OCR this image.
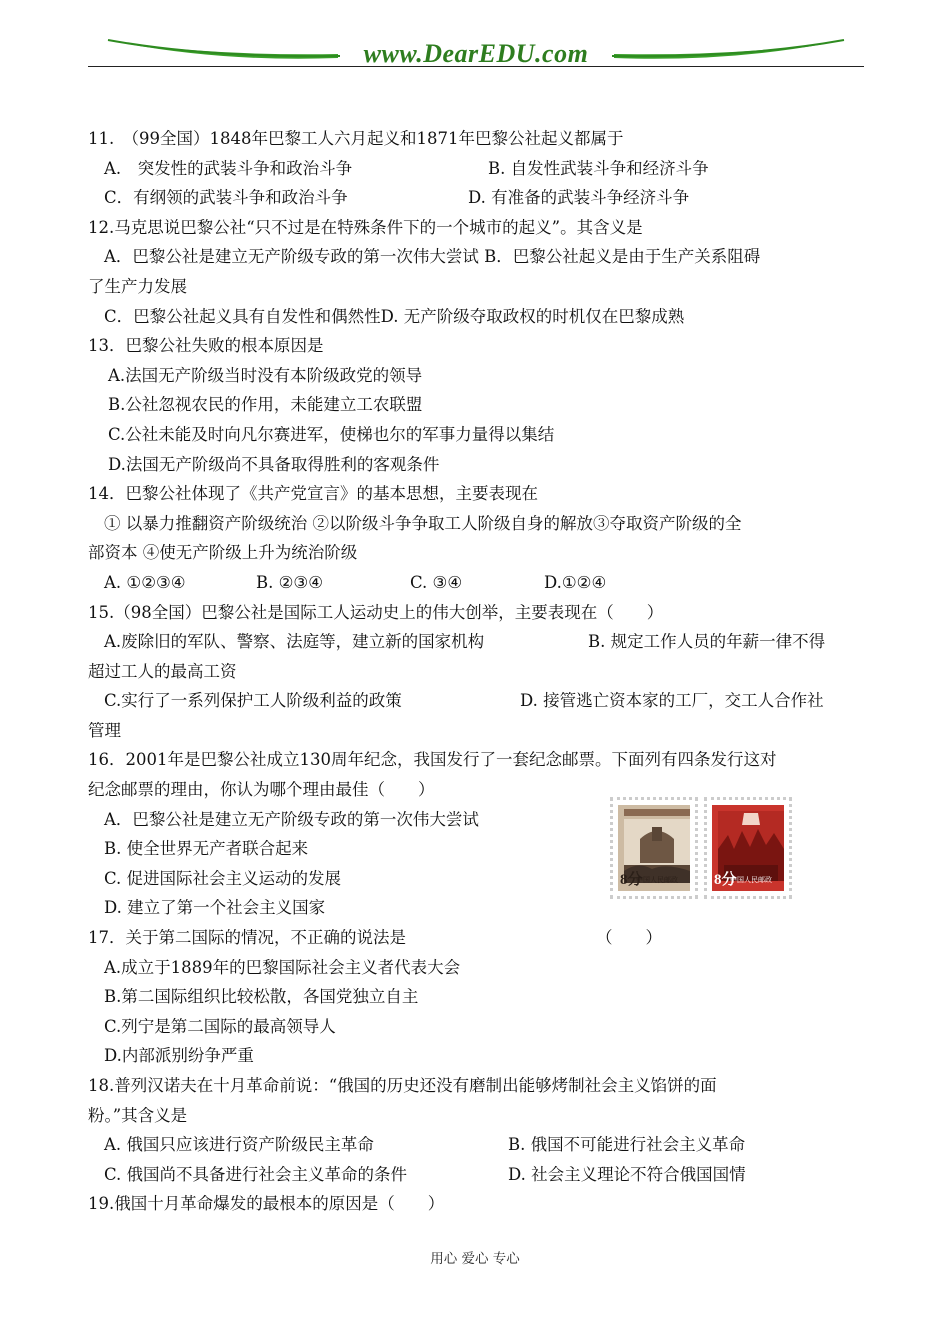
www.DearEDU.com
11.　（99全国）1848年巴黎工人六月起义和1871年巴黎公社起义都属于
A.　突发性的武装斗争和政治斗争	B. 自发性武装斗争和经济斗争
C．有纲领的武装斗争和政治斗争	D. 有准备的武装斗争经济斗争
12.马克思说巴黎公社“只不过是在特殊条件下的一个城市的起义”。其含义是
A．巴黎公社是建立无产阶级专政的第一次伟大尝试 B．巴黎公社起义是由于生产关系阻碍
了生产力发展
C．巴黎公社起义具有自发性和偶然性D. 无产阶级夺取政权的时机仅在巴黎成熟
13．巴黎公社失败的根本原因是
A.法国无产阶级当时没有本阶级政党的领导
B.公社忽视农民的作用，未能建立工农联盟
C.公社未能及时向凡尔赛进军，使梯也尔的军事力量得以集结
D.法国无产阶级尚不具备取得胜利的客观条件
14．巴黎公社体现了《共产党宣言》的基本思想，主要表现在
① 以暴力推翻资产阶级统治 ②以阶级斗争争取工人阶级自身的解放③夺取资产阶级的全
部资本 ④使无产阶级上升为统治阶级
A. ①②③④	B. ②③④	C. ③④	D.①②④
15.（98全国）巴黎公社是国际工人运动史上的伟大创举，主要表现在（　　）
A.废除旧的军队、警察、法庭等，建立新的国家机构	B. 规定工作人员的年薪一律不得
超过工人的最高工资
C.实行了一系列保护工人阶级利益的政策	D. 接管逃亡资本家的工厂，交工人合作社
管理
16．2001年是巴黎公社成立130周年纪念，我国发行了一套纪念邮票。下面列有四条发行这对
纪念邮票的理由，你认为哪个理由最佳（　　）
A．巴黎公社是建立无产阶级专政的第一次伟大尝试
B. 使全世界无产者联合起来
C. 促进国际社会主义运动的发展
D. 建立了第一个社会主义国家
17．关于第二国际的情况，不正确的说法是	（　　）
A.成立于1889年的巴黎国际社会主义者代表大会
B.第二国际组织比较松散，各国党独立自主
C.列宁是第二国际的最高领导人
D.内部派别纷争严重
18.普列汉诺夫在十月革命前说：“俄国的历史还没有磨制出能够烤制社会主义馅饼的面
粉。”其含义是
A. 俄国只应该进行资产阶级民主革命	B. 俄国不可能进行社会主义革命
C. 俄国尚不具备进行社会主义革命的条件	D. 社会主义理论不符合俄国国情
19.俄国十月革命爆发的最根本的原因是（　　）
8分
中国人民邮政 8分
中国人民邮政
用心 爱心 专心
